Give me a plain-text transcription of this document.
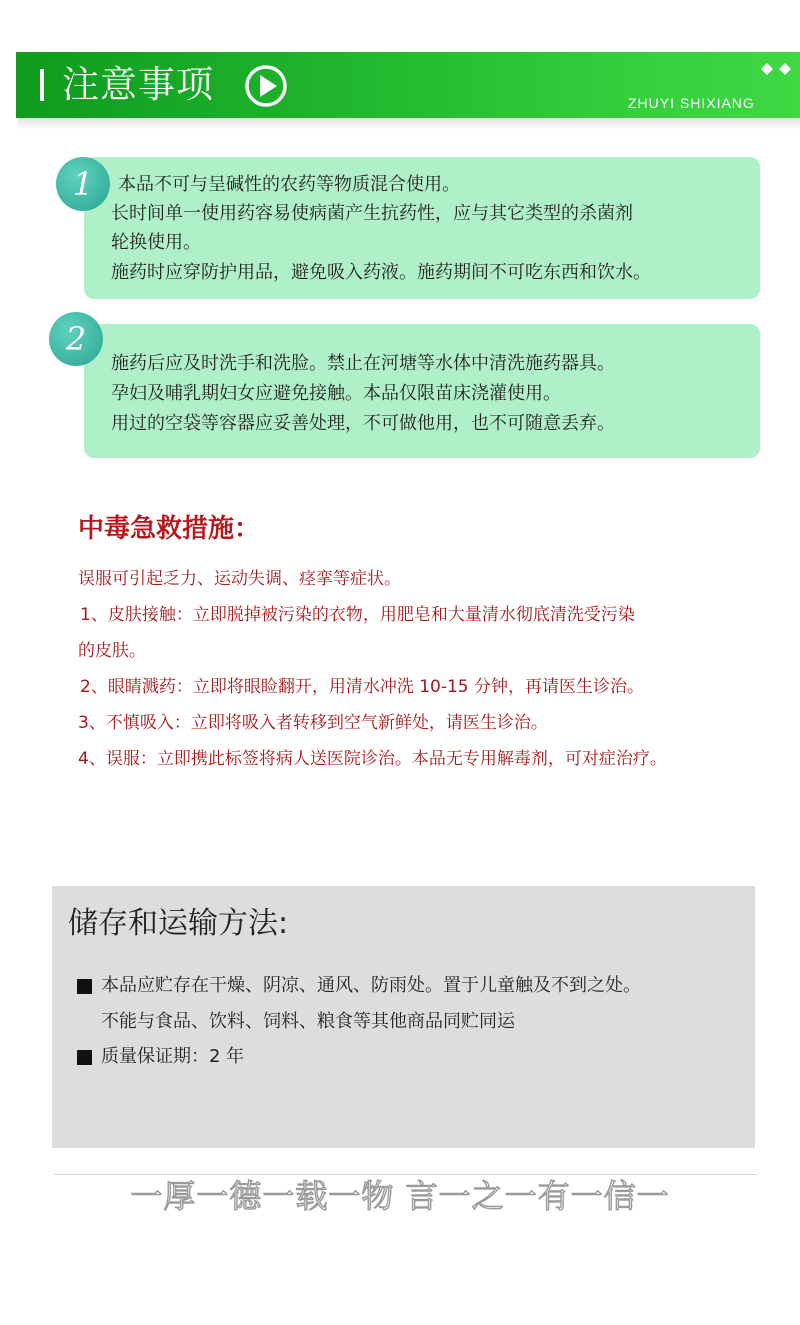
注意事项	ZHUYI SHIXIANG
1	本品不可与呈碱性的农药等物质混合使用。
长时间单一使用药容易使病菌产生抗药性，应与其它类型的杀菌剂
轮换使用。
施药时应穿防护用品，避免吸入药液。施药期间不可吃东西和饮水。
2
施药后应及时洗手和洗脸。禁止在河塘等水体中清洗施药器具。
孕妇及哺乳期妇女应避免接触。本品仅限苗床浇灌使用。
用过的空袋等容器应妥善处理，不可做他用，也不可随意丢弃。
中毒急救措施：
误服可引起乏力、运动失调、痉挛等症状。
1、皮肤接触：立即脱掉被污染的衣物，用肥皂和大量清水彻底清洗受污染
的皮肤。
2、眼睛溅药：立即将眼睑翻开，用清水冲洗 10-15 分钟，再请医生诊治。
3、不慎吸入：立即将吸入者转移到空气新鲜处，请医生诊治。
4、误服：立即携此标签将病人送医院诊治。本品无专用解毒剂，可对症治疗。
储存和运输方法:
本品应贮存在干燥、阴凉、通风、防雨处。置于儿童触及不到之处。
不能与食品、饮料、饲料、粮食等其他商品同贮同运
质量保证期：2 年
一厚一德一载一物 言一之一有一信一
